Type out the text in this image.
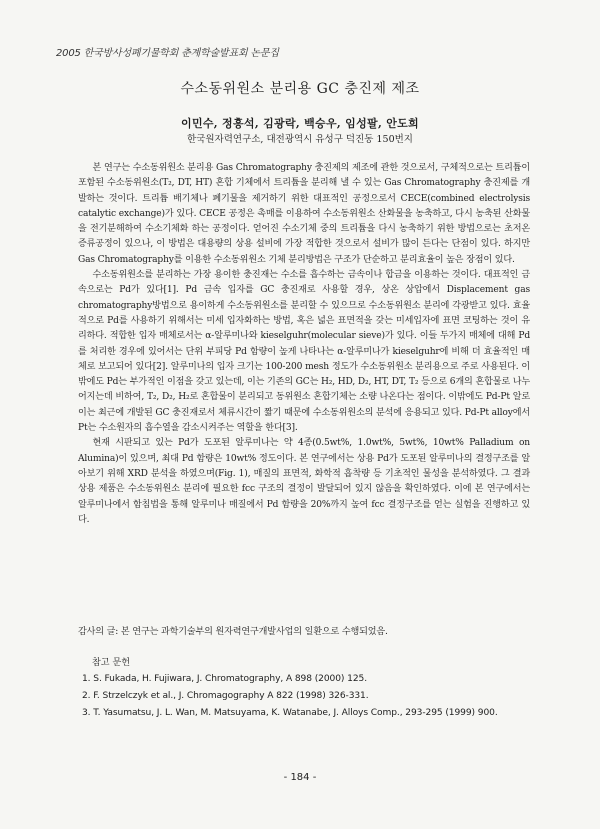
2005 한국방사성폐기물학회 춘계학술발표회 논문집
수소동위원소 분리용 GC 충진제 제조
이민수, 정흥석, 김광락, 백승우, 임성팔, 안도희
한국원자력연구소, 대전광역시 유성구 덕진동 150번지

본 연구는 수소동위원소 분리용 Gas Chromatography 충진제의 제조에 관한 것으로서, 구체적으로는 트리튬이 포함된 수소동위원소(T₂, DT, HT) 혼합 기체에서 트리튬을 분리해 낼 수 있는 Gas Chromatography 충진제를 개발하는 것이다. 트리튬 배기체나 폐기물을 제거하기 위한 대표적인 공정으로서 CECE(combined electrolysis catalytic exchange)가 있다. CECE 공정은 촉매를 이용하여 수소동위원소 산화물을 농축하고, 다시 농축된 산화물을 전기분해하여 수소기체화 하는 공정이다. 얻어진 수소기체 중의 트리튬을 다시 농축하기 위한 방법으로는 초저온 증류공정이 있으나, 이 방법은 대용량의 상용 설비에 가장 적합한 것으로서 설비가 많이 든다는 단점이 있다. 하지만 Gas Chromatography를 이용한 수소동위원소 기체 분리방법은 구조가 단순하고 분리효율이 높은 장점이 있다.

수소동위원소를 분리하는 가장 용이한 충진재는 수소를 흡수하는 금속이나 합금을 이용하는 것이다. 대표적인 금속으로는 Pd가 있다[1]. Pd 금속 입자를 GC 충진재로 사용할 경우, 상온 상압에서 Displacement gas chromatography방법으로 용이하게 수소동위원소를 분리할 수 있으므로 수소동위원소 분리에 각광받고 있다. 효율적으로 Pd를 사용하기 위해서는 미세 입자화하는 방법, 혹은 넓은 표면적을 갖는 미세입자에 표면 코팅하는 것이 유리하다. 적합한 입자 매체로서는 α-알루미나와 kieselguhr(molecular sieve)가 있다. 이들 두가지 매체에 대해 Pd를 처리한 경우에 있어서는 단위 부피당 Pd 함량이 높게 나타나는 α-알루미나가 kieselguhr에 비해 더 효율적인 매체로 보고되어 있다[2]. 알루미나의 입자 크기는 100-200 mesh 정도가 수소동위원소 분리용으로 주로 사용된다. 이밖에도 Pd는 부가적인 이점을 갖고 있는데, 이는 기존의 GC는 H₂, HD, D₂, HT, DT, T₂ 등으로 6개의 혼합물로 나누어지는데 비하여, T₂, D₂, H₂로 혼합물이 분리되고 동위원소 혼합기체는 소량 나온다는 점이다. 이밖에도 Pd-Pt 알로이는 최근에 개발된 GC 충진재로서 체류시간이 짧기 때문에 수소동위원소의 분석에 응용되고 있다. Pd-Pt alloy에서 Pt는 수소원자의 흡수열을 감소시켜주는 역할을 한다[3].

현재 시판되고 있는 Pd가 도포된 알루미나는 약 4종(0.5wt%, 1.0wt%, 5wt%, 10wt% Palladium on Alumina)이 있으며, 최대 Pd 함량은 10wt% 정도이다. 본 연구에서는 상용 Pd가 도포된 알루미나의 결정구조를 알아보기 위해 XRD 분석을 하였으며(Fig. 1), 매질의 표면적, 화학적 흡착량 등 기초적인 물성을 분석하였다. 그 결과 상용 제품은 수소동위원소 분리에 필요한 fcc 구조의 결정이 발달되어 있지 않음을 확인하였다. 이에 본 연구에서는 알루미나에서 함침법을 통해 알루미나 매질에서 Pd 함량을 20%까지 높여 fcc 결정구조를 얻는 실험을 진행하고 있다.

감사의 글: 본 연구는 과학기술부의 원자력연구개발사업의 일환으로 수행되었음.
참고 문헌
1. S. Fukada, H. Fujiwara, J. Chromatography, A 898 (2000) 125.
2. F. Strzelczyk et al., J. Chromagography A 822 (1998) 326-331.
3. T. Yasumatsu, J. L. Wan, M. Matsuyama, K. Watanabe, J. Alloys Comp., 293-295 (1999) 900.
- 184 -
